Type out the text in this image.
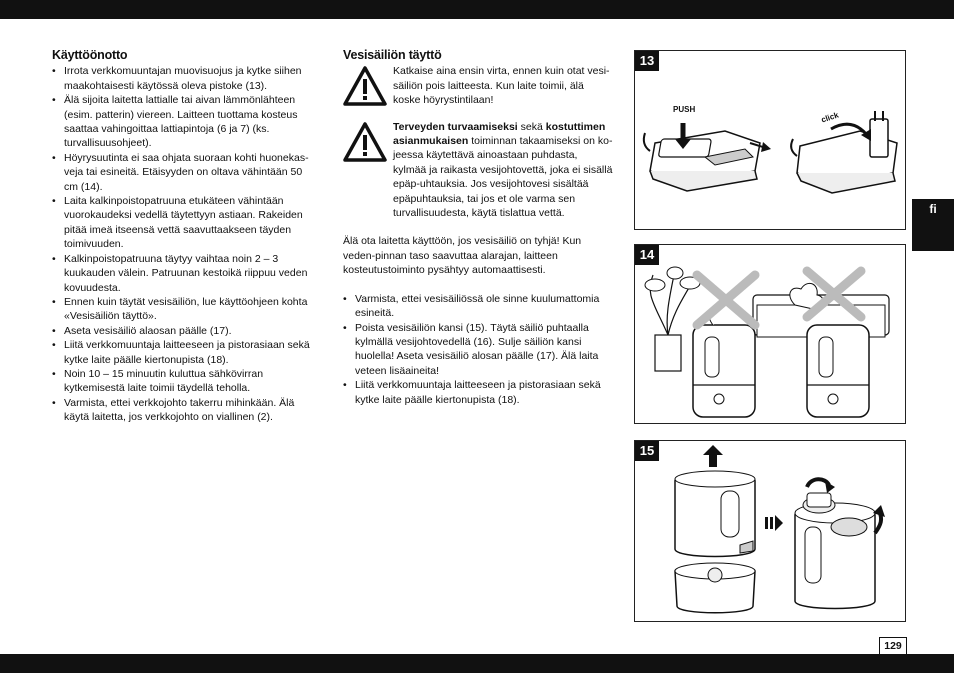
Käyttöönotto
• Irrota verkkomuuntajan muovisuojus ja kytke siihen maakohtaisesti käytössä oleva pistoke (13).
• Älä sijoita laitetta lattialle tai aivan lämmönlähteen (esim. patterin) viereen. Laitteen tuottama kosteus saattaa vahingoittaa lattiapintoja (6 ja 7) (ks. turvallisuusohjeet).
• Höyrysuutinta ei saa ohjata suoraan kohti huonekas-veja tai esineitä. Etäisyyden on oltava vähintään 50 cm (14).
• Laita kalkinpoistopatruuna etukäteen vähintään vuorokaudeksi vedellä täytettyyn astiaan. Rakeiden pitää imeä itseensä vettä saavuttaakseen täyden toimivuuden.
• Kalkinpoistopatruuna täytyy vaihtaa noin 2 – 3 kuukauden välein. Patruunan kestoikä riippuu veden kovuudesta.
• Ennen kuin täytät vesisäiliön, lue käyttöohjeen kohta «Vesisäiliön täyttö».
• Aseta vesisäiliö alaosan päälle (17).
• Liitä verkkomuuntaja laitteeseen ja pistorasiaan sekä kytke laite päälle kiertonupista (18).
• Noin 10 – 15 minuutin kuluttua sähkövirran kytkemisestä laite toimii täydellä teholla.
• Varmista, ettei verkkojohto takerru mihinkään. Älä käytä laitetta, jos verkkojohto on viallinen (2).
Vesisäiliön täyttö
Katkaise aina ensin virta, ennen kuin otat vesi-säiliön pois laitteesta. Kun laite toimii, älä koske höyrystintilaan!
Terveyden turvaamiseksi sekä kostuttimen asianmukaisen toiminnan takaamiseksi on ko-jeessa käytettävä ainoastaan puhdasta, kylmää ja raikasta vesijohtovettä, joka ei sisällä epäp-uhtauksia. Jos vesijohtovesi sisältää epäpuhtauksia, tai jos et ole varma sen turvallisuudesta, käytä tislattua vettä.
Älä ota laitetta käyttöön, jos vesisäiliö on tyhjä! Kun veden-pinnan taso saavuttaa alarajan, laitteen kosteutustoiminto pysähtyy automaattisesti.
• Varmista, ettei vesisäiliössä ole sinne kuulumattomia esineitä.
• Poista vesisäiliön kansi (15). Täytä säiliö puhtaalla kylmällä vesijohtovedellä (16). Sulje säiliön kansi huolella! Aseta vesisäiliö alosan päälle (17). Älä laita veteen lisäaineita!
• Liitä verkkomuuntajа laitteeseen ja pistorasiaan sekä kytke laite päälle kiertonupista (18).
13
PUSH
click
14
15
fi
129
